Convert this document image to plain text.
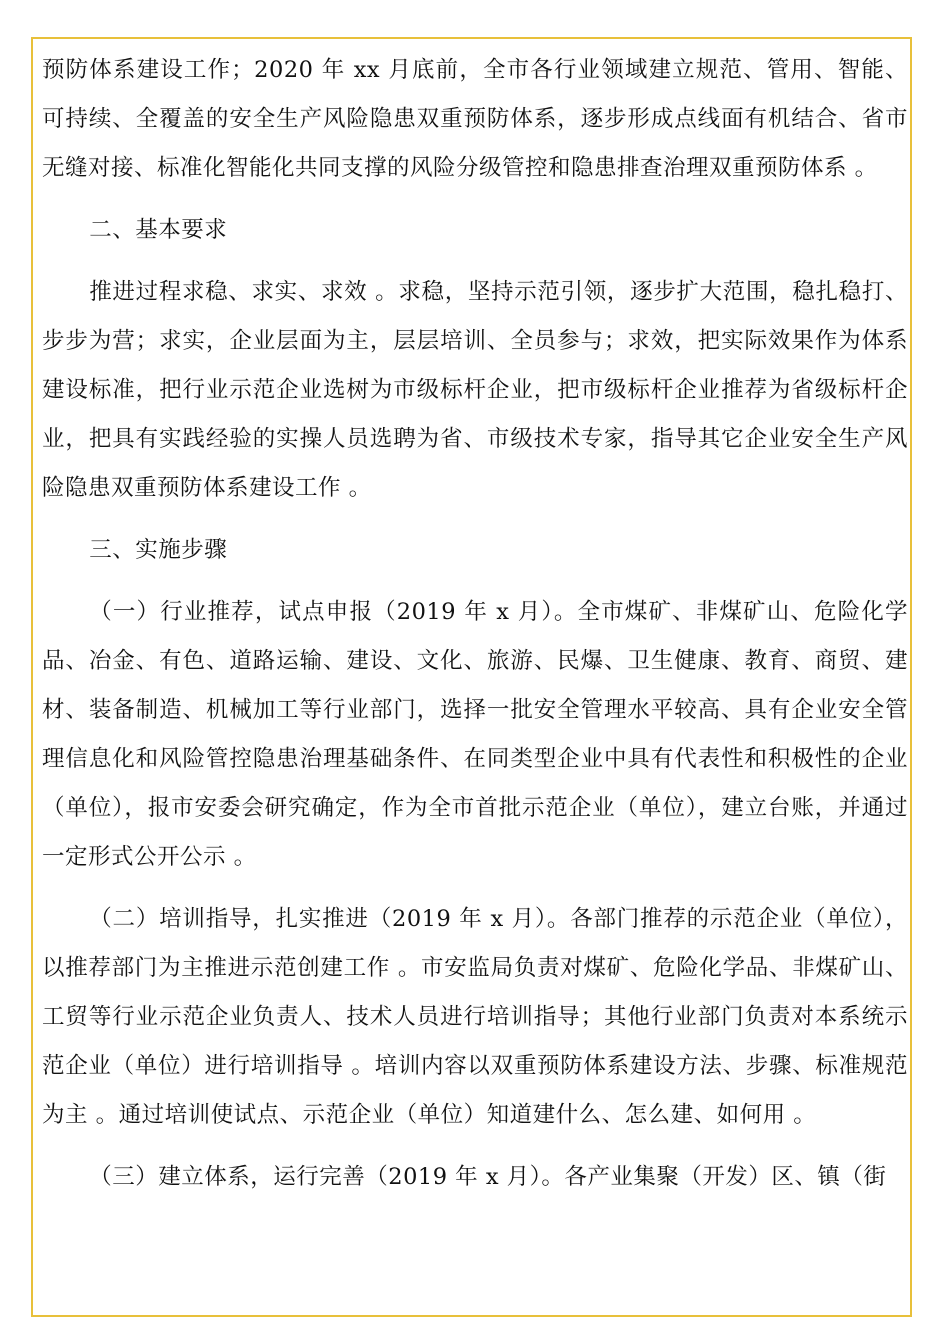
预防体系建设工作；2020 年 xx 月底前，全市各行业领域建立规范、管用、智能、可持续、全覆盖的安全生产风险隐患双重预防体系，逐步形成点线面有机结合、省市无缝对接、标准化智能化共同支撑的风险分级管控和隐患排查治理双重预防体系 。

二、基本要求

推进过程求稳、求实、求效 。求稳，坚持示范引领，逐步扩大范围，稳扎稳打、步步为营；求实，企业层面为主，层层培训、全员参与；求效，把实际效果作为体系建设标准，把行业示范企业选树为市级标杆企业，把市级标杆企业推荐为省级标杆企业，把具有实践经验的实操人员选聘为省、市级技术专家，指导其它企业安全生产风险隐患双重预防体系建设工作 。

三、实施步骤

（一）行业推荐，试点申报（2019 年 x 月）。全市煤矿、非煤矿山、危险化学品、冶金、有色、道路运输、建设、文化、旅游、民爆、卫生健康、教育、商贸、建材、装备制造、机械加工等行业部门，选择一批安全管理水平较高、具有企业安全管理信息化和风险管控隐患治理基础条件、在同类型企业中具有代表性和积极性的企业（单位），报市安委会研究确定，作为全市首批示范企业（单位），建立台账，并通过一定形式公开公示 。

（二）培训指导，扎实推进（2019 年 x 月）。各部门推荐的示范企业（单位），以推荐部门为主推进示范创建工作 。市安监局负责对煤矿、危险化学品、非煤矿山、工贸等行业示范企业负责人、技术人员进行培训指导；其他行业部门负责对本系统示范企业（单位）进行培训指导 。培训内容以双重预防体系建设方法、步骤、标准规范为主 。通过培训使试点、示范企业（单位）知道建什么、怎么建、如何用 。

（三）建立体系，运行完善（2019 年 x 月）。各产业集聚（开发）区、镇（街
